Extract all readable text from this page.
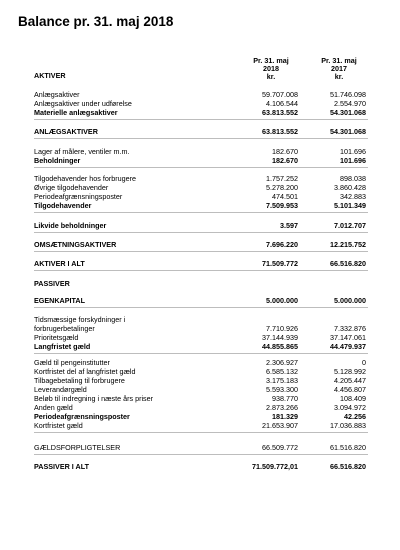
Balance pr. 31. maj 2018
Pr. 31. maj
2018
kr.
Pr. 31. maj
2017
kr.
AKTIVER
Anlægsaktiver	59.707.008	51.746.098
Anlægsaktiver under udførelse	4.106.544	2.554.970
Materielle anlægsaktiver	63.813.552	54.301.068
ANLÆGSAKTIVER	63.813.552	54.301.068
Lager af målere, ventiler m.m.	182.670	101.696
Beholdninger	182.670	101.696
Tilgodehavender hos forbrugere	1.757.252	898.038
Øvrige tilgodehavender	5.278.200	3.860.428
Periodeafgrænsningsposter	474.501	342.883
Tilgodehavender	7.509.953	5.101.349
Likvide beholdninger	3.597	7.012.707
OMSÆTNINGSAKTIVER	7.696.220	12.215.752
AKTIVER I ALT	71.509.772	66.516.820
PASSIVER
EGENKAPITAL	5.000.000	5.000.000
Tidsmæssige forskydninger i
forbrugerbetalinger	7.710.926	7.332.876
Prioritetsgæld	37.144.939	37.147.061
Langfristet gæld	44.855.865	44.479.937
Gæld til pengeinstitutter	2.306.927	0
Kortfristet del af langfristet gæld	6.585.132	5.128.992
Tilbagebetaling til forbrugere	3.175.183	4.205.447
Leverandørgæld	5.593.300	4.456.807
Beløb til indregning i næste års priser	938.770	108.409
Anden gæld	2.873.266	3.094.972
Periodeafgrænsningsposter	181.329	42.256
Kortfristet gæld	21.653.907	17.036.883
GÆLDSFORPLIGTELSER	66.509.772	61.516.820
PASSIVER I ALT	71.509.772,01	66.516.820
